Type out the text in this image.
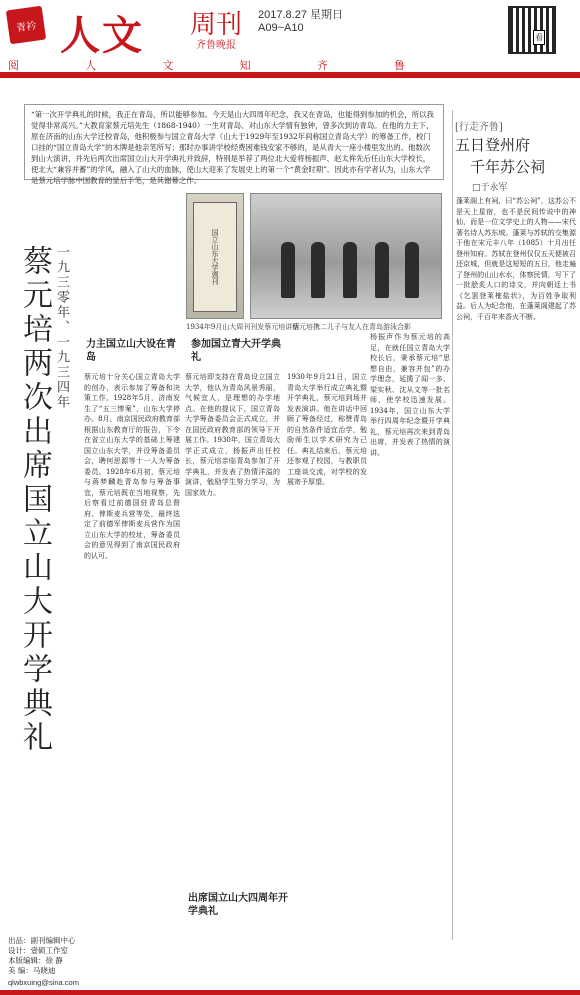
青衿 人文 周刊
齐鲁晚报
2017.8.27 星期日
A09~A10
看
阅	人	文	知	齐	鲁
“第一次开学典礼的时候，我正在青岛，所以能够参加。今天是山大四周年纪念，我又在青岛，也能得到参加的机会，所以我觉得非常高兴。”大教育家蔡元培先生（1868-1940）一生对青岛、对山东大学情有独钟，曾多次到访青岛。在他的力主下，原在济南的山东大学迁校青岛，他积极参与国立青岛大学（山大于1929年至1932年间称国立青岛大学）的筹备工作，校门口挂的“国立青岛大学”的木牌是他亲笔所写；那时办事讲学校经费困难钱安家不够的，是从青大一座小楼里发出的。他数次到山大演讲，并先后两次出席国立山大开学典礼并致辞，特别是举荐了两位北大爱将杨振声、赵太侔先后任山东大学校长，使北大“兼容并蓄”的学风，融入了山大的血脉，使山大迎来了发展史上的第一个“黄金时期”。因此亦有学者认为，山东大学是蔡元培学脉中国教育的显后手笔，是其谢幕之作。
[行走齐鲁]
五日登州府
千年苏公祠
□于永军
蓬莱阁上有祠，曰“苏公祠”，这苏公不是天上星宿，也不是民间传说中的神仙，而是一位文学史上的人物——宋代著名诗人苏东坡。蓬莱与苏轼的交集源于他在宋元丰八年（1085）十月出任登州知府。苏轼在登州仅仅五天便被召还京城，但就是这短短的五日，他走遍了登州的山山水水，体察民情，写下了一批脍炙人口的诗文，并向朝廷上书《乞罢登莱榷盐状》，为百姓争取利益。后人为纪念他，在蓬莱阁建起了苏公祠，千百年来香火不断。
国立山东大学週刊
1934年9月山大周刊刊发蔡元培讲话
蔡元培携二儿子与友人在青岛游泳合影
蔡元培两次出席国立山大开学典礼 一九三零年、一九三四年 力主国立山大设在青岛
参加国立青大开学典礼
出席国立山大四周年开学典礼
蔡元培十分关心国立青岛大学的创办，表示参加了筹备和决策工作。1928年5月，济南发生了“五三惨案”，山东大学停办。8月，南京国民政府教育部根据山东教育厅的报告，下令在省立山东大学的基础上筹建国立山东大学，并设筹备委员会，聘何思源等十一人为筹备委员。1928年6月初，蔡元培与蒋梦麟赴青岛参与筹备事宜，蔡元培既在当地视察，先后察看过前德国驻青岛总督府、俾斯麦兵营等处，最终选定了前德军俾斯麦兵营作为国立山东大学的校址，筹备委员会的意见得到了南京国民政府的认可。
蔡元培即支持在青岛设立国立大学，他认为青岛风景秀丽，气候宜人，是理想的办学地点。在他的提议下，国立青岛大学筹备委员会正式成立，并在国民政府教育部的领导下开展工作。1930年，国立青岛大学正式成立，杨振声出任校长，蔡元培亲临青岛参加了开学典礼，并发表了热情洋溢的演讲，勉励学生努力学习，为国家效力。
1930年9月21日，国立青岛大学举行成立典礼暨开学典礼，蔡元培到场并发表演讲。他在讲话中回顾了筹备经过，称赞青岛的自然条件适宜治学，勉励师生以学术研究为己任。典礼结束后，蔡元培还参观了校园，与教职员工座谈交流，对学校的发展寄予厚望。
杨振声作为蔡元培的高足，在就任国立青岛大学校长后，秉承蔡元培“思想自由，兼容并包”的办学理念，延揽了闻一多、梁实秋、沈从文等一批名师，使学校迅速发展。1934年，国立山东大学举行四周年纪念暨开学典礼，蔡元培再次来到青岛出席，并发表了热情的演讲。
出品：副刊编辑中心
设计：壹硕工作室
本版编辑：徐 静
美 编：马晓迪
qlwbxuing@sina.com
